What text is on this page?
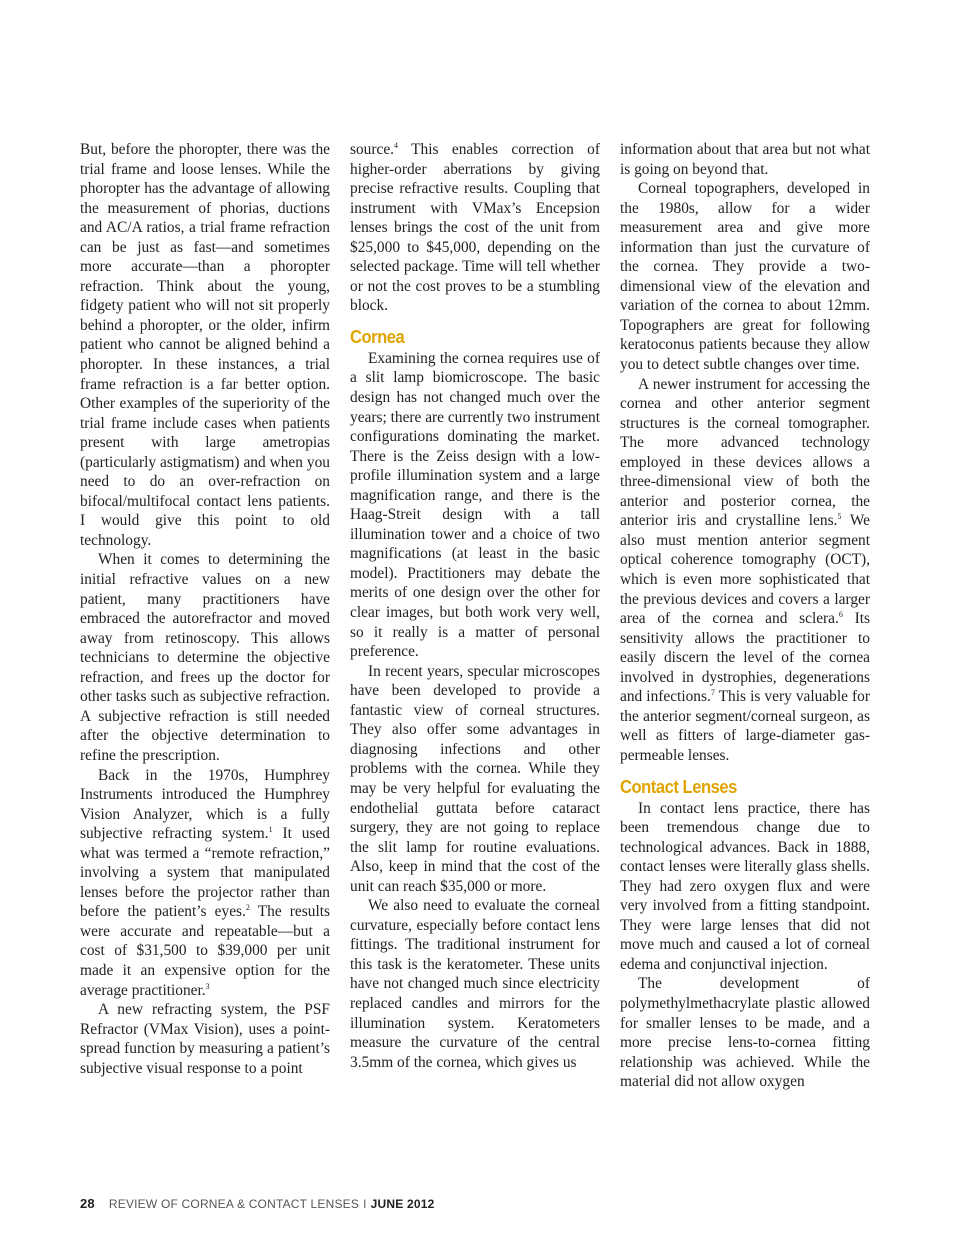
But, before the phoropter, there was the trial frame and loose lenses. While the phoropter has the advantage of allowing the measurement of phorias, ductions and AC/A ratios, a trial frame refraction can be just as fast—and sometimes more accurate—than a phoropter refraction. Think about the young, fidgety patient who will not sit properly behind a phoropter, or the older, infirm patient who cannot be aligned behind a phoropter. In these instances, a trial frame refraction is a far better option. Other examples of the superiority of the trial frame include cases when patients present with large ametropias (particularly astigmatism) and when you need to do an over-refraction on bifocal/multifocal contact lens patients. I would give this point to old technology.

When it comes to determining the initial refractive values on a new patient, many practitioners have embraced the autorefractor and moved away from retinoscopy. This allows technicians to determine the objective refraction, and frees up the doctor for other tasks such as subjective refraction. A subjective refraction is still needed after the objective determination to refine the prescription.

Back in the 1970s, Humphrey Instruments introduced the Humphrey Vision Analyzer, which is a fully subjective refracting system.$^1$ It used what was termed a “remote refraction,” involving a system that manipulated lenses before the projector rather than before the patient’s eyes.$^2$ The results were accurate and repeatable—but a cost of $31,500 to $39,000 per unit made it an expensive option for the average practitioner.$^3$

A new refracting system, the PSF Refractor (VMax Vision), uses a point-spread function by measuring a patient’s subjective visual response to a point

source.$^4$ This enables correction of higher-order aberrations by giving precise refractive results. Coupling that instrument with VMax’s Encepsion lenses brings the cost of the unit from $25,000 to $45,000, depending on the selected package. Time will tell whether or not the cost proves to be a stumbling block.

Cornea

Examining the cornea requires use of a slit lamp biomicroscope. The basic design has not changed much over the years; there are currently two instrument configurations dominating the market. There is the Zeiss design with a low-profile illumination system and a large magnification range, and there is the Haag-Streit design with a tall illumination tower and a choice of two magnifications (at least in the basic model). Practitioners may debate the merits of one design over the other for clear images, but both work very well, so it really is a matter of personal preference.

In recent years, specular microscopes have been developed to provide a fantastic view of corneal structures. They also offer some advantages in diagnosing infections and other problems with the cornea. While they may be very helpful for evaluating the endothelial guttata before cataract surgery, they are not going to replace the slit lamp for routine evaluations. Also, keep in mind that the cost of the unit can reach $35,000 or more.

We also need to evaluate the corneal curvature, especially before contact lens fittings. The traditional instrument for this task is the keratometer. These units have not changed much since electricity replaced candles and mirrors for the illumination system. Keratometers measure the curvature of the central 3.5mm of the cornea, which gives us

information about that area but not what is going on beyond that.

Corneal topographers, developed in the 1980s, allow for a wider measurement area and give more information than just the curvature of the cornea. They provide a two-dimensional view of the elevation and variation of the cornea to about 12mm. Topographers are great for following keratoconus patients because they allow you to detect subtle changes over time.

A newer instrument for accessing the cornea and other anterior segment structures is the corneal tomographer. The more advanced technology employed in these devices allows a three-dimensional view of both the anterior and posterior cornea, the anterior iris and crystalline lens.$^5$ We also must mention anterior segment optical coherence tomography (OCT), which is even more sophisticated that the previous devices and covers a larger area of the cornea and sclera.$^6$ Its sensitivity allows the practitioner to easily discern the level of the cornea involved in dystrophies, degenerations and infections.$^7$ This is very valuable for the anterior segment/corneal surgeon, as well as fitters of large-diameter gas-permeable lenses.

Contact Lenses

In contact lens practice, there has been tremendous change due to technological advances. Back in 1888, contact lenses were literally glass shells. They had zero oxygen flux and were very involved from a fitting standpoint. They were large lenses that did not move much and caused a lot of corneal edema and conjunctival injection.

The development of polymethylmethacrylate plastic allowed for smaller lenses to be made, and a more precise lens-to-cornea fitting relationship was achieved. While the material did not allow oxygen

28 REVIEW OF CORNEA & CONTACT LENSES I JUNE 2012
